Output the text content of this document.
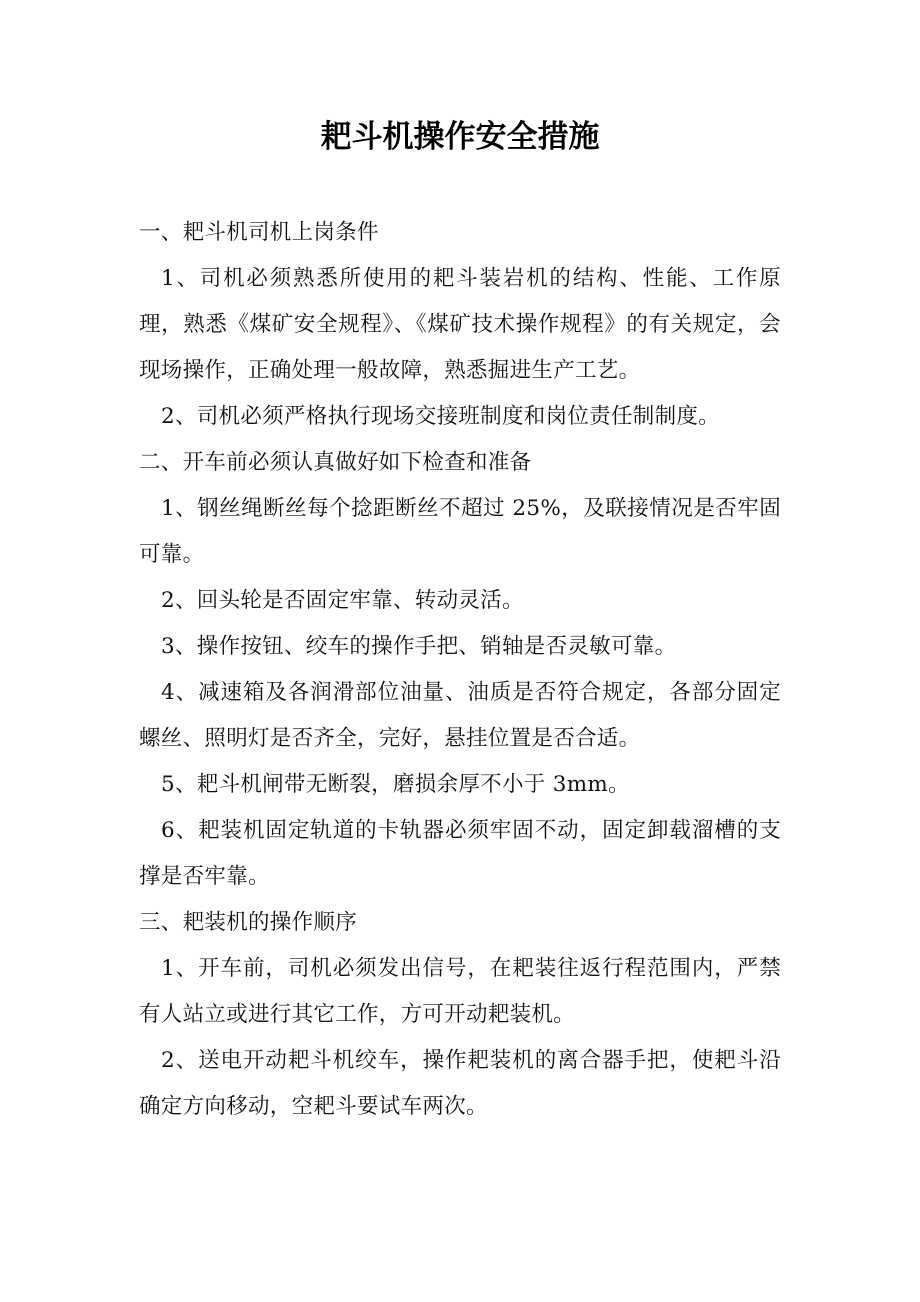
耙斗机操作安全措施

一、耙斗机司机上岗条件

1、司机必须熟悉所使用的耙斗装岩机的结构、性能、工作原理，熟悉《煤矿安全规程》、《煤矿技术操作规程》的有关规定，会现场操作，正确处理一般故障，熟悉掘进生产工艺。

2、司机必须严格执行现场交接班制度和岗位责任制制度。

二、开车前必须认真做好如下检查和准备

1、钢丝绳断丝每个捻距断丝不超过 25%，及联接情况是否牢固可靠。

2、回头轮是否固定牢靠、转动灵活。

3、操作按钮、绞车的操作手把、销轴是否灵敏可靠。

4、减速箱及各润滑部位油量、油质是否符合规定，各部分固定螺丝、照明灯是否齐全，完好，悬挂位置是否合适。

5、耙斗机闸带无断裂，磨损余厚不小于 3mm。

6、耙装机固定轨道的卡轨器必须牢固不动，固定卸载溜槽的支撑是否牢靠。

三、耙装机的操作顺序

1、开车前，司机必须发出信号，在耙装往返行程范围内，严禁有人站立或进行其它工作，方可开动耙装机。

2、送电开动耙斗机绞车，操作耙装机的离合器手把，使耙斗沿确定方向移动，空耙斗要试车两次。
